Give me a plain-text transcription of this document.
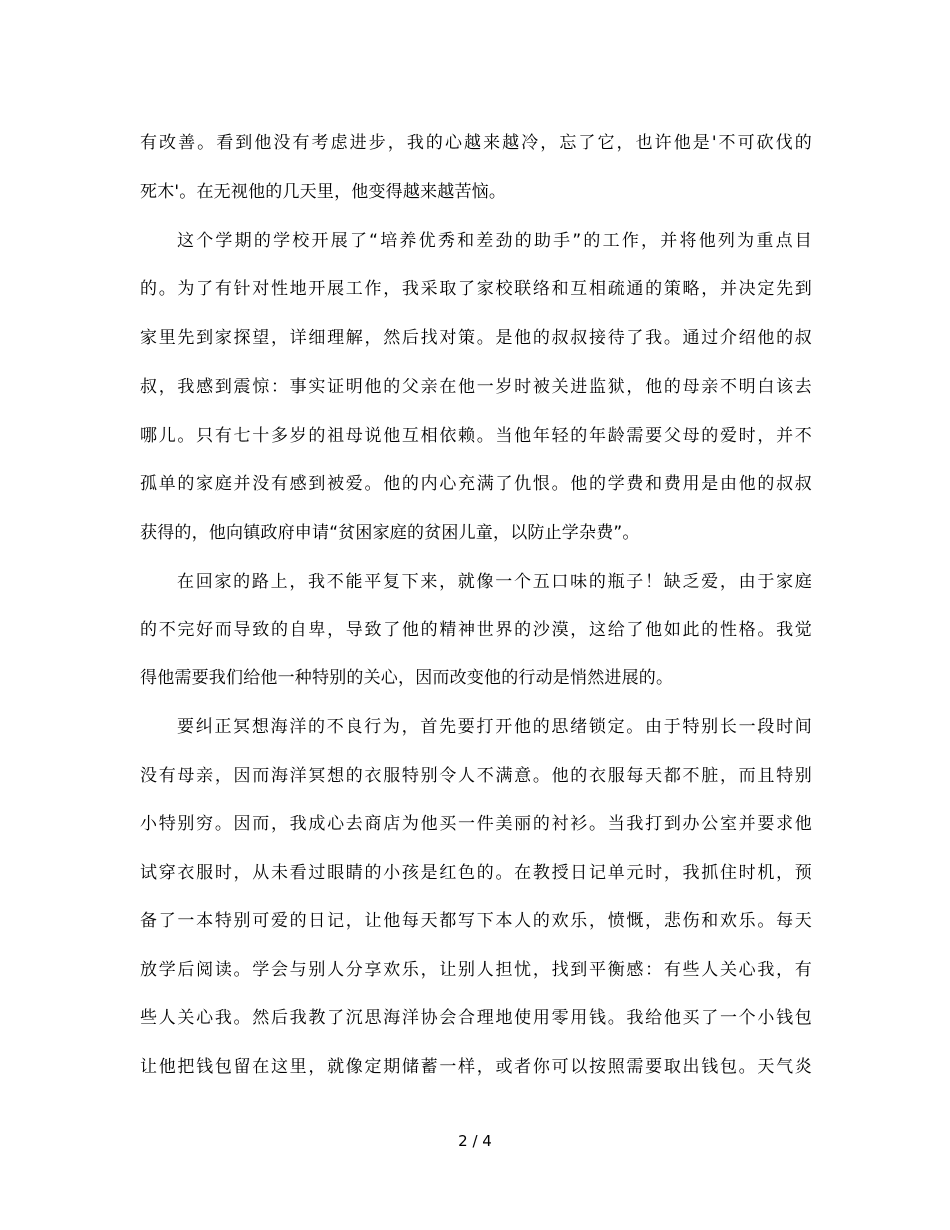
有改善。看到他没有考虑进步，我的心越来越冷，忘了它，也许他是'不可砍伐的
死木'。在无视他的几天里，他变得越来越苦恼。
这个学期的学校开展了“培养优秀和差劲的助手”的工作，并将他列为重点目
的。为了有针对性地开展工作，我采取了家校联络和互相疏通的策略，并决定先到
家里先到家探望，详细理解，然后找对策。是他的叔叔接待了我。通过介绍他的叔
叔，我感到震惊：事实证明他的父亲在他一岁时被关进监狱，他的母亲不明白该去
哪儿。只有七十多岁的祖母说他互相依赖。当他年轻的年龄需要父母的爱时，并不
孤单的家庭并没有感到被爱。他的内心充满了仇恨。他的学费和费用是由他的叔叔
获得的，他向镇政府申请“贫困家庭的贫困儿童，以防止学杂费”。
在回家的路上，我不能平复下来，就像一个五口味的瓶子！缺乏爱，由于家庭
的不完好而导致的自卑，导致了他的精神世界的沙漠，这给了他如此的性格。我觉
得他需要我们给他一种特别的关心，因而改变他的行动是悄然进展的。
要纠正冥想海洋的不良行为，首先要打开他的思绪锁定。由于特别长一段时间
没有母亲，因而海洋冥想的衣服特别令人不满意。他的衣服每天都不脏，而且特别
小特别穷。因而，我成心去商店为他买一件美丽的衬衫。当我打到办公室并要求他
试穿衣服时，从未看过眼睛的小孩是红色的。在教授日记单元时，我抓住时机，预
备了一本特别可爱的日记，让他每天都写下本人的欢乐，愤慨，悲伤和欢乐。每天
放学后阅读。学会与别人分享欢乐，让别人担忧，找到平衡感：有些人关心我，有
些人关心我。然后我教了沉思海洋协会合理地使用零用钱。我给他买了一个小钱包
让他把钱包留在这里，就像定期储蓄一样，或者你可以按照需要取出钱包。天气炎
2 / 4
